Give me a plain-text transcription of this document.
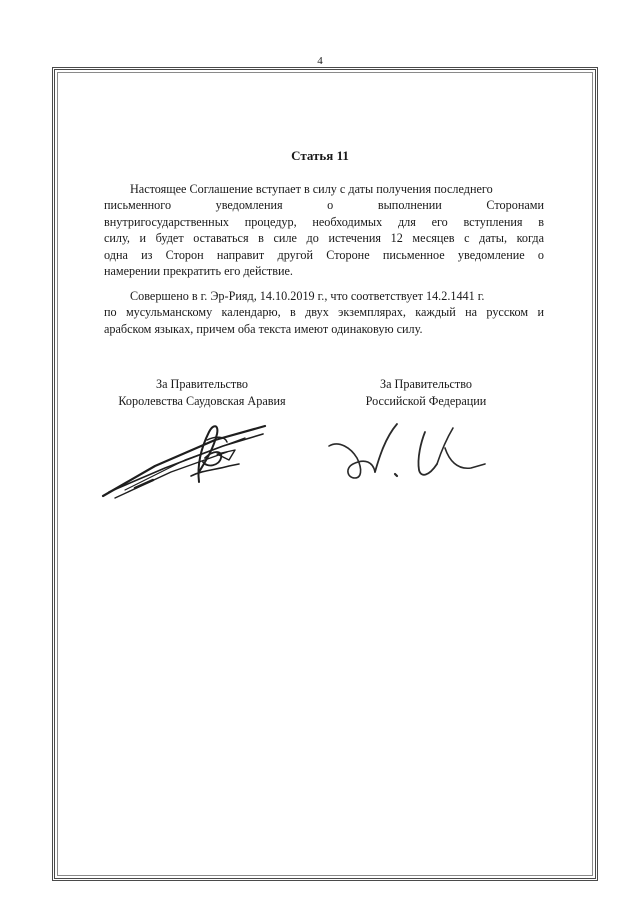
4
Статья 11
Настоящее Соглашение вступает в силу с даты получения последнего
письменного уведомления о выполнении Сторонами
внутригосударственных процедур, необходимых для его вступления в
силу, и будет оставаться в силе до истечения 12 месяцев с даты, когда
одна из Сторон направит другой Стороне письменное уведомление о
намерении прекратить его действие.
Совершено в г. Эр-Рияд, 14.10.2019 г., что соответствует 14.2.1441 г.
по мусульманскому календарю, в двух экземплярах, каждый на русском и
арабском языках, причем оба текста имеют одинаковую силу.
За Правительство
Королевства Саудовская Аравия
За Правительство
Российской Федерации
